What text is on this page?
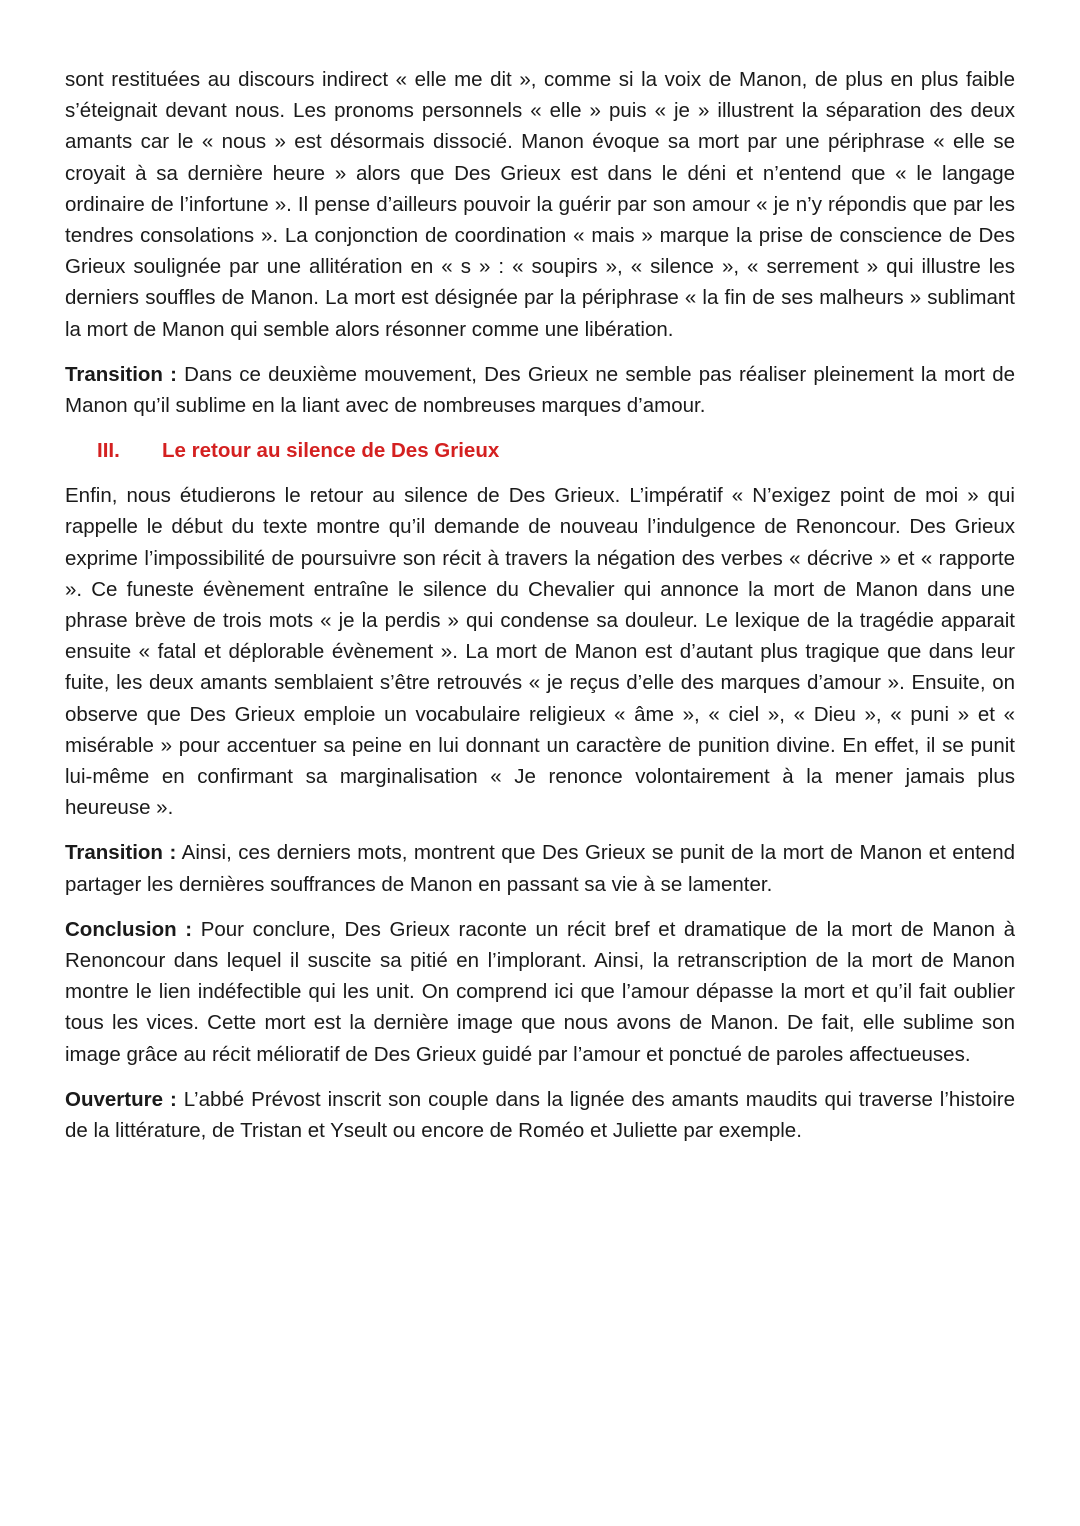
sont restituées au discours indirect « elle me dit », comme si la voix de Manon, de plus en plus faible s’éteignait devant nous. Les pronoms personnels « elle » puis « je » illustrent la séparation des deux amants car le « nous » est désormais dissocié. Manon évoque sa mort par une périphrase « elle se croyait à sa dernière heure » alors que Des Grieux est dans le déni et n’entend que « le langage ordinaire de l’infortune ». Il pense d’ailleurs pouvoir la guérir par son amour « je n’y répondis que par les tendres consolations ». La conjonction de coordination « mais » marque la prise de conscience de Des Grieux soulignée par une allitération en « s » : « soupirs », « silence », « serrement » qui illustre les derniers souffles de Manon. La mort est désignée par la périphrase « la fin de ses malheurs » sublimant la mort de Manon qui semble alors résonner comme une libération.

Transition : Dans ce deuxième mouvement, Des Grieux ne semble pas réaliser pleinement la mort de Manon qu’il sublime en la liant avec de nombreuses marques d’amour.

III.	Le retour au silence de Des Grieux

Enfin, nous étudierons le retour au silence de Des Grieux. L’impératif « N’exigez point de moi » qui rappelle le début du texte montre qu’il demande de nouveau l’indulgence de Renoncour. Des Grieux exprime l’impossibilité de poursuivre son récit à travers la négation des verbes « décrive » et « rapporte ». Ce funeste évènement entraîne le silence du Chevalier qui annonce la mort de Manon dans une phrase brève de trois mots « je la perdis » qui condense sa douleur. Le lexique de la tragédie apparait ensuite « fatal et déplorable évènement ». La mort de Manon est d’autant plus tragique que dans leur fuite, les deux amants semblaient s’être retrouvés « je reçus d’elle des marques d’amour ». Ensuite, on observe que Des Grieux emploie un vocabulaire religieux « âme », « ciel », « Dieu », « puni » et « misérable » pour accentuer sa peine en lui donnant un caractère de punition divine. En effet, il se punit lui-même en confirmant sa marginalisation « Je renonce volontairement à la mener jamais plus heureuse ».

Transition : Ainsi, ces derniers mots, montrent que Des Grieux se punit de la mort de Manon et entend partager les dernières souffrances de Manon en passant sa vie à se lamenter.

Conclusion : Pour conclure, Des Grieux raconte un récit bref et dramatique de la mort de Manon à Renoncour dans lequel il suscite sa pitié en l’implorant. Ainsi, la retranscription de la mort de Manon montre le lien indéfectible qui les unit. On comprend ici que l’amour dépasse la mort et qu’il fait oublier tous les vices. Cette mort est la dernière image que nous avons de Manon. De fait, elle sublime son image grâce au récit mélioratif de Des Grieux guidé par l’amour et ponctué de paroles affectueuses.

Ouverture : L’abbé Prévost inscrit son couple dans la lignée des amants maudits qui traverse l’histoire de la littérature, de Tristan et Yseult ou encore de Roméo et Juliette par exemple.
